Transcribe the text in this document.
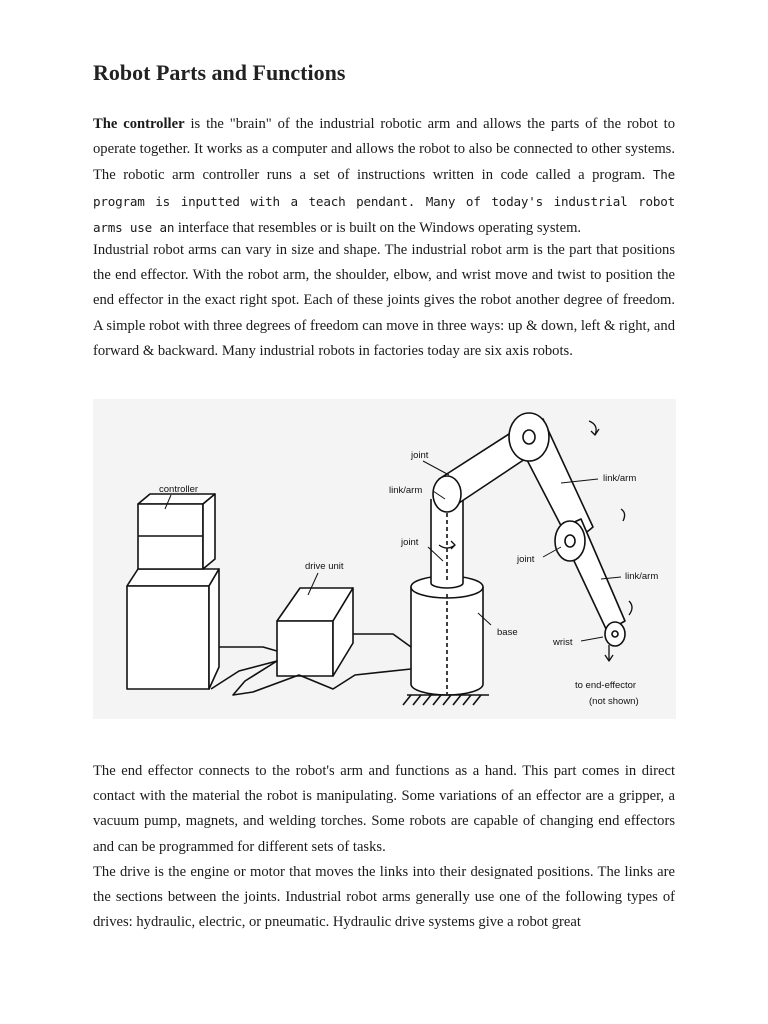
Robot Parts and Functions

The controller is the "brain" of the industrial robotic arm and allows the parts of the robot to operate together. It works as a computer and allows the robot to also be connected to other systems. The robotic arm controller runs a set of instructions written in code called a program. The program is inputted with a teach pendant. Many of today's industrial robot arms use an interface that resembles or is built on the Windows operating system.

Industrial robot arms can vary in size and shape. The industrial robot arm is the part that positions the end effector. With the robot arm, the shoulder, elbow, and wrist move and twist to position the end effector in the exact right spot. Each of these joints gives the robot another degree of freedom. A simple robot with three degrees of freedom can move in three ways: up & down, left & right, and forward & backward. Many industrial robots in factories today are six axis robots.

controller
drive unit
joint
link/arm
joint
base
link/arm
joint
link/arm
wrist
to end-effector
(not shown)

The end effector connects to the robot's arm and functions as a hand. This part comes in direct contact with the material the robot is manipulating. Some variations of an effector are a gripper, a vacuum pump, magnets, and welding torches. Some robots are capable of changing end effectors and can be programmed for different sets of tasks.

The drive is the engine or motor that moves the links into their designated positions. The links are the sections between the joints. Industrial robot arms generally use one of the following types of drives: hydraulic, electric, or pneumatic. Hydraulic drive systems give a robot great
